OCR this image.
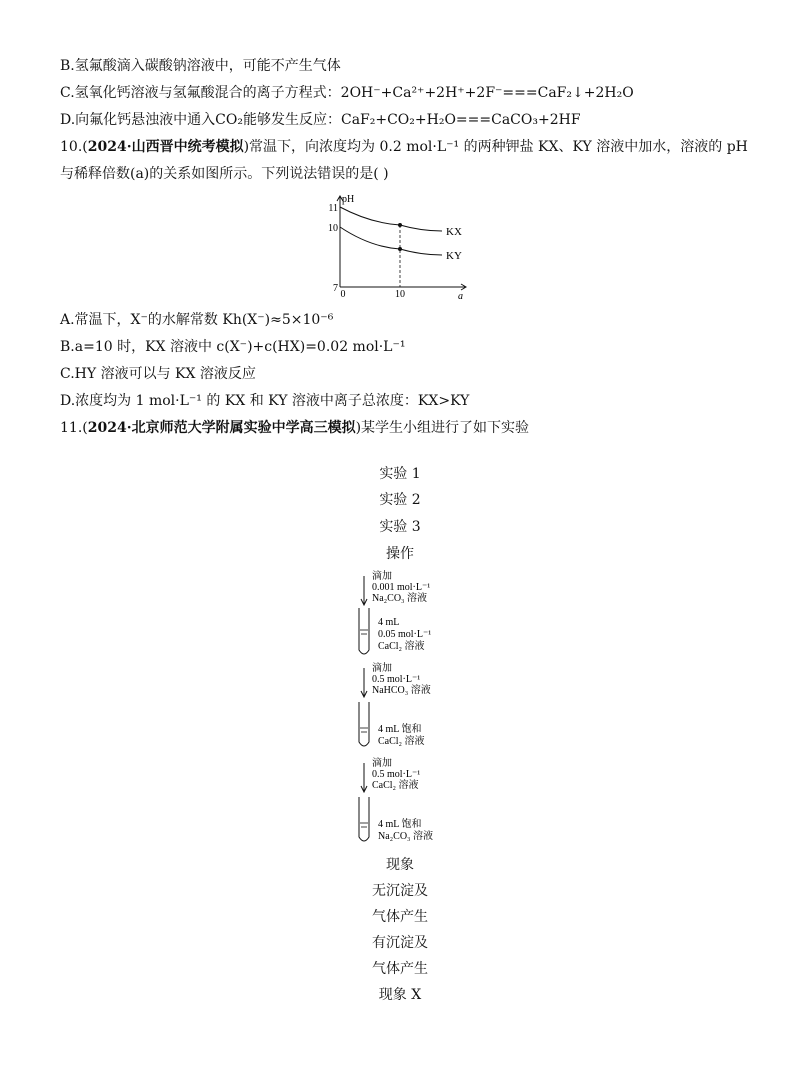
B.氢氟酸滴入碳酸钠溶液中，可能不产生气体
C.氢氧化钙溶液与氢氟酸混合的离子方程式：2OH⁻+Ca²⁺+2H⁺+2F⁻===CaF₂↓+2H₂O
D.向氟化钙悬浊液中通入CO₂能够发生反应：CaF₂+CO₂+H₂O===CaCO₃+2HF
10.(2024·山西晋中统考模拟)常温下，向浓度均为 0.2 mol·L⁻¹ 的两种钾盐 KX、KY 溶液中加水，溶液的 pH
与稀释倍数(a)的关系如图所示。下列说法错误的是( )
pH
a
11
10
7
0	10
KX
KY
A.常温下，X⁻的水解常数 Kh(X⁻)≈5×10⁻⁶
B.a=10 时，KX 溶液中 c(X⁻)+c(HX)=0.02 mol·L⁻¹
C.HY 溶液可以与 KX 溶液反应
D.浓度均为 1 mol·L⁻¹ 的 KX 和 KY 溶液中离子总浓度：KX>KY
11.(2024·北京师范大学附属实验中学高三模拟)某学生小组进行了如下实验
实验 1
实验 2
实验 3
操作
滴加
0.001 mol·L⁻¹
Na₂CO₃ 溶液
4 mL
0.05 mol·L⁻¹
CaCl₂ 溶液
滴加
0.5 mol·L⁻¹
NaHCO₃ 溶液
4 mL 饱和
CaCl₂ 溶液
滴加
0.5 mol·L⁻¹
CaCl₂ 溶液
4 mL 饱和
Na₂CO₃ 溶液
现象
无沉淀及
气体产生
有沉淀及
气体产生
现象 X
